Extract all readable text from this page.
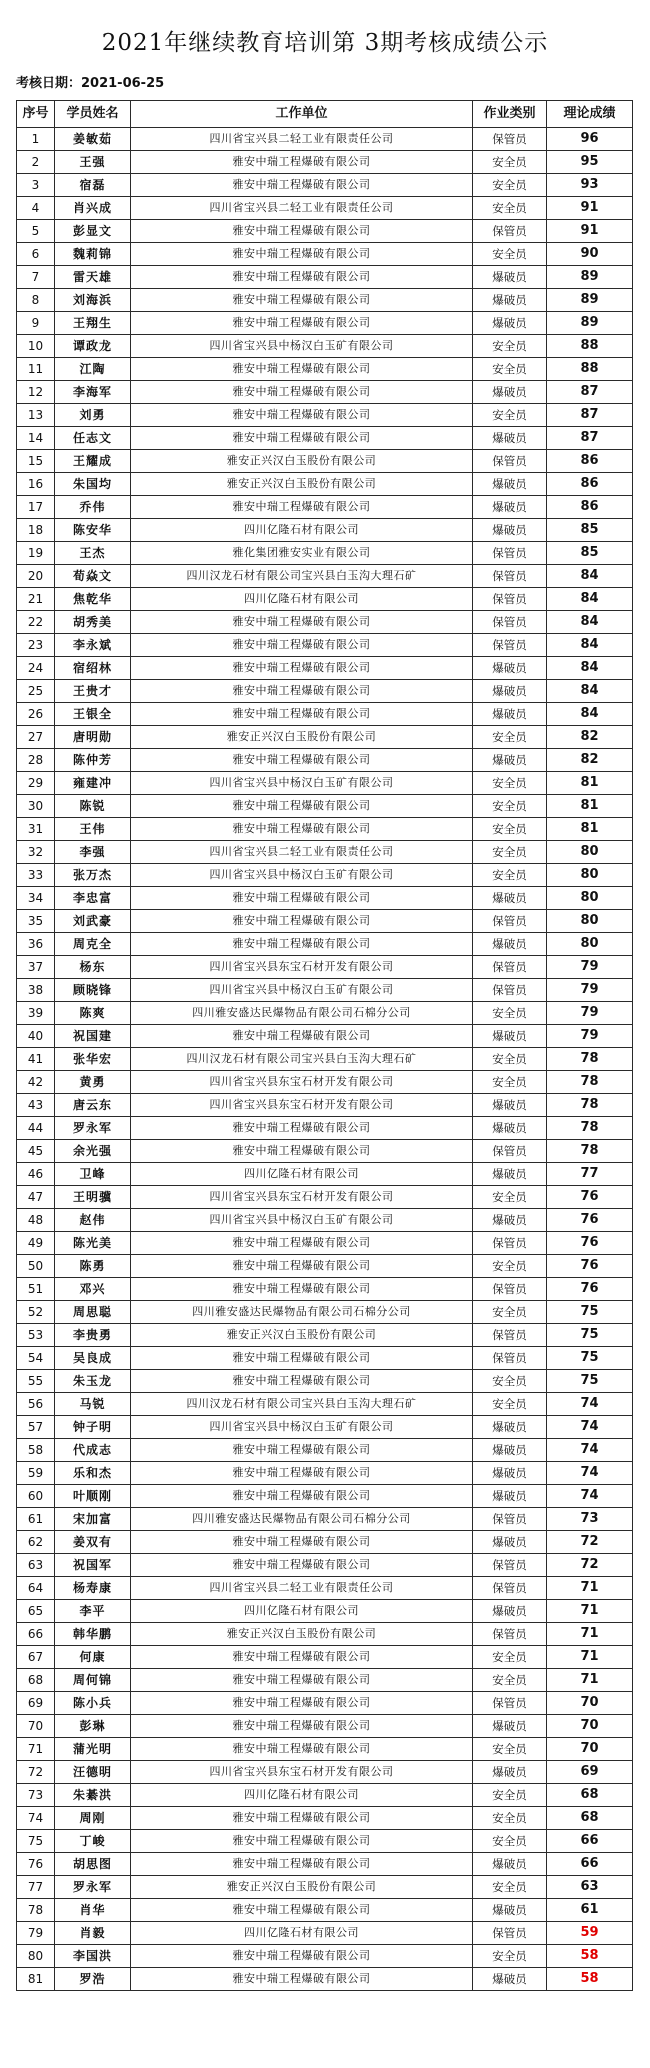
2021年继续教育培训第 3期考核成绩公示
考核日期：2021-06-25
序号	学员姓名	工作单位	作业类别	理论成绩
1	姜敏茹	四川省宝兴县二轻工业有限责任公司	保管员	96
2	王强	雅安中瑞工程爆破有限公司	安全员	95
3	宿磊	雅安中瑞工程爆破有限公司	安全员	93
4	肖兴成	四川省宝兴县二轻工业有限责任公司	安全员	91
5	彭显文	雅安中瑞工程爆破有限公司	保管员	91
6	魏莉锦	雅安中瑞工程爆破有限公司	安全员	90
7	雷天雄	雅安中瑞工程爆破有限公司	爆破员	89
8	刘海浜	雅安中瑞工程爆破有限公司	爆破员	89
9	王翔生	雅安中瑞工程爆破有限公司	爆破员	89
10	谭政龙	四川省宝兴县中杨汉白玉矿有限公司	安全员	88
11	江陶	雅安中瑞工程爆破有限公司	安全员	88
12	李海军	雅安中瑞工程爆破有限公司	爆破员	87
13	刘勇	雅安中瑞工程爆破有限公司	安全员	87
14	任志文	雅安中瑞工程爆破有限公司	爆破员	87
15	王耀成	雅安正兴汉白玉股份有限公司	保管员	86
16	朱国均	雅安正兴汉白玉股份有限公司	爆破员	86
17	乔伟	雅安中瑞工程爆破有限公司	爆破员	86
18	陈安华	四川亿隆石材有限公司	爆破员	85
19	王杰	雅化集团雅安实业有限公司	保管员	85
20	荀焱文	四川汉龙石材有限公司宝兴县白玉沟大理石矿	保管员	84
21	焦乾华	四川亿隆石材有限公司	保管员	84
22	胡秀美	雅安中瑞工程爆破有限公司	保管员	84
23	李永斌	雅安中瑞工程爆破有限公司	保管员	84
24	宿绍林	雅安中瑞工程爆破有限公司	爆破员	84
25	王贵才	雅安中瑞工程爆破有限公司	爆破员	84
26	王银全	雅安中瑞工程爆破有限公司	爆破员	84
27	唐明勋	雅安正兴汉白玉股份有限公司	安全员	82
28	陈仲芳	雅安中瑞工程爆破有限公司	爆破员	82
29	雍建冲	四川省宝兴县中杨汉白玉矿有限公司	安全员	81
30	陈锐	雅安中瑞工程爆破有限公司	安全员	81
31	王伟	雅安中瑞工程爆破有限公司	安全员	81
32	李强	四川省宝兴县二轻工业有限责任公司	安全员	80
33	张万杰	四川省宝兴县中杨汉白玉矿有限公司	安全员	80
34	李忠富	雅安中瑞工程爆破有限公司	爆破员	80
35	刘武豪	雅安中瑞工程爆破有限公司	保管员	80
36	周克全	雅安中瑞工程爆破有限公司	爆破员	80
37	杨东	四川省宝兴县东宝石材开发有限公司	保管员	79
38	顾晓锋	四川省宝兴县中杨汉白玉矿有限公司	保管员	79
39	陈爽	四川雅安盛达民爆物品有限公司石棉分公司	安全员	79
40	祝国建	雅安中瑞工程爆破有限公司	爆破员	79
41	张华宏	四川汉龙石材有限公司宝兴县白玉沟大理石矿	安全员	78
42	黄勇	四川省宝兴县东宝石材开发有限公司	安全员	78
43	唐云东	四川省宝兴县东宝石材开发有限公司	爆破员	78
44	罗永军	雅安中瑞工程爆破有限公司	爆破员	78
45	余光强	雅安中瑞工程爆破有限公司	保管员	78
46	卫峰	四川亿隆石材有限公司	爆破员	77
47	王明骥	四川省宝兴县东宝石材开发有限公司	安全员	76
48	赵伟	四川省宝兴县中杨汉白玉矿有限公司	爆破员	76
49	陈光美	雅安中瑞工程爆破有限公司	保管员	76
50	陈勇	雅安中瑞工程爆破有限公司	安全员	76
51	邓兴	雅安中瑞工程爆破有限公司	保管员	76
52	周思聪	四川雅安盛达民爆物品有限公司石棉分公司	安全员	75
53	李贵勇	雅安正兴汉白玉股份有限公司	保管员	75
54	吴良成	雅安中瑞工程爆破有限公司	保管员	75
55	朱玉龙	雅安中瑞工程爆破有限公司	安全员	75
56	马锐	四川汉龙石材有限公司宝兴县白玉沟大理石矿	安全员	74
57	钟子明	四川省宝兴县中杨汉白玉矿有限公司	爆破员	74
58	代成志	雅安中瑞工程爆破有限公司	爆破员	74
59	乐和杰	雅安中瑞工程爆破有限公司	爆破员	74
60	叶顺刚	雅安中瑞工程爆破有限公司	爆破员	74
61	宋加富	四川雅安盛达民爆物品有限公司石棉分公司	保管员	73
62	姜双有	雅安中瑞工程爆破有限公司	爆破员	72
63	祝国军	雅安中瑞工程爆破有限公司	保管员	72
64	杨寿康	四川省宝兴县二轻工业有限责任公司	保管员	71
65	李平	四川亿隆石材有限公司	爆破员	71
66	韩华鹏	雅安正兴汉白玉股份有限公司	保管员	71
67	何康	雅安中瑞工程爆破有限公司	安全员	71
68	周何锦	雅安中瑞工程爆破有限公司	安全员	71
69	陈小兵	雅安中瑞工程爆破有限公司	保管员	70
70	彭琳	雅安中瑞工程爆破有限公司	爆破员	70
71	蒲光明	雅安中瑞工程爆破有限公司	安全员	70
72	汪德明	四川省宝兴县东宝石材开发有限公司	爆破员	69
73	朱綦洪	四川亿隆石材有限公司	安全员	68
74	周刚	雅安中瑞工程爆破有限公司	安全员	68
75	丁峻	雅安中瑞工程爆破有限公司	安全员	66
76	胡思图	雅安中瑞工程爆破有限公司	爆破员	66
77	罗永军	雅安正兴汉白玉股份有限公司	安全员	63
78	肖华	雅安中瑞工程爆破有限公司	爆破员	61
79	肖毅	四川亿隆石材有限公司	保管员	59
80	李国洪	雅安中瑞工程爆破有限公司	安全员	58
81	罗浩	雅安中瑞工程爆破有限公司	爆破员	58
